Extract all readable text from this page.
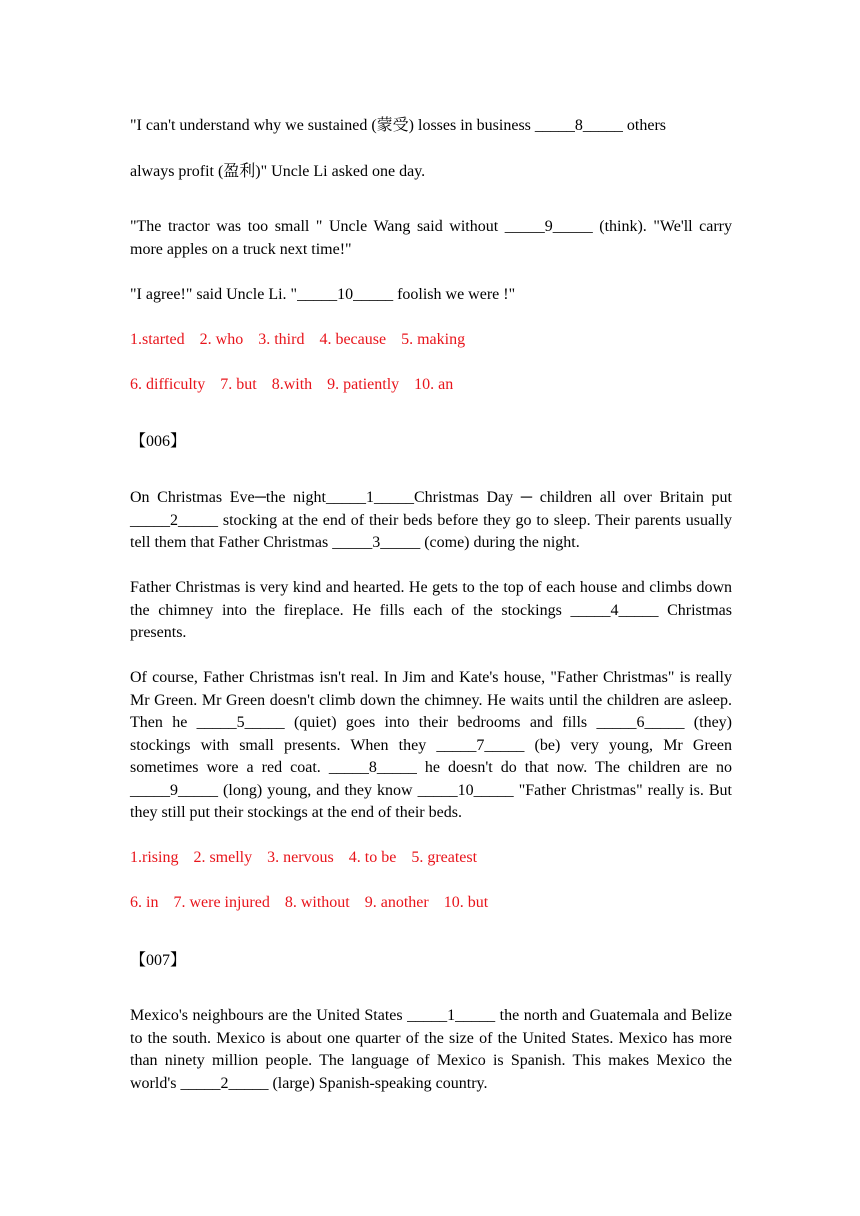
"I can't understand why we sustained (蒙受) losses in business _____8_____ others

always profit (盈利)" Uncle Li asked one day.

"The tractor was too small " Uncle Wang said without _____9_____ (think). "We'll carry more apples on a truck next time!"

"I agree!" said Uncle Li. "_____10_____ foolish we were !"

1.started 2. who 3. third 4. because 5. making

6. difficulty 7. but 8.with 9. patiently 10. an

【006】

On Christmas Eve─the night_____1_____Christmas Day ─ children all over Britain put _____2_____ stocking at the end of their beds before they go to sleep. Their parents usually tell them that Father Christmas _____3_____ (come) during the night.

Father Christmas is very kind and hearted. He gets to the top of each house and climbs down the chimney into the fireplace. He fills each of the stockings _____4_____ Christmas presents.

Of course, Father Christmas isn't real. In Jim and Kate's house, "Father Christmas" is really Mr Green. Mr Green doesn't climb down the chimney. He waits until the children are asleep. Then he _____5_____ (quiet) goes into their bedrooms and fills _____6_____ (they) stockings with small presents. When they _____7_____ (be) very young, Mr Green sometimes wore a red coat. _____8_____ he doesn't do that now. The children are no _____9_____ (long) young, and they know _____10_____ "Father Christmas" really is. But they still put their stockings at the end of their beds.

1.rising 2. smelly 3. nervous 4. to be 5. greatest

6. in 7. were injured 8. without 9. another 10. but

【007】

Mexico's neighbours are the United States _____1_____ the north and Guatemala and Belize to the south. Mexico is about one quarter of the size of the United States. Mexico has more than ninety million people. The language of Mexico is Spanish. This makes Mexico the world's _____2_____ (large) Spanish-speaking country.
